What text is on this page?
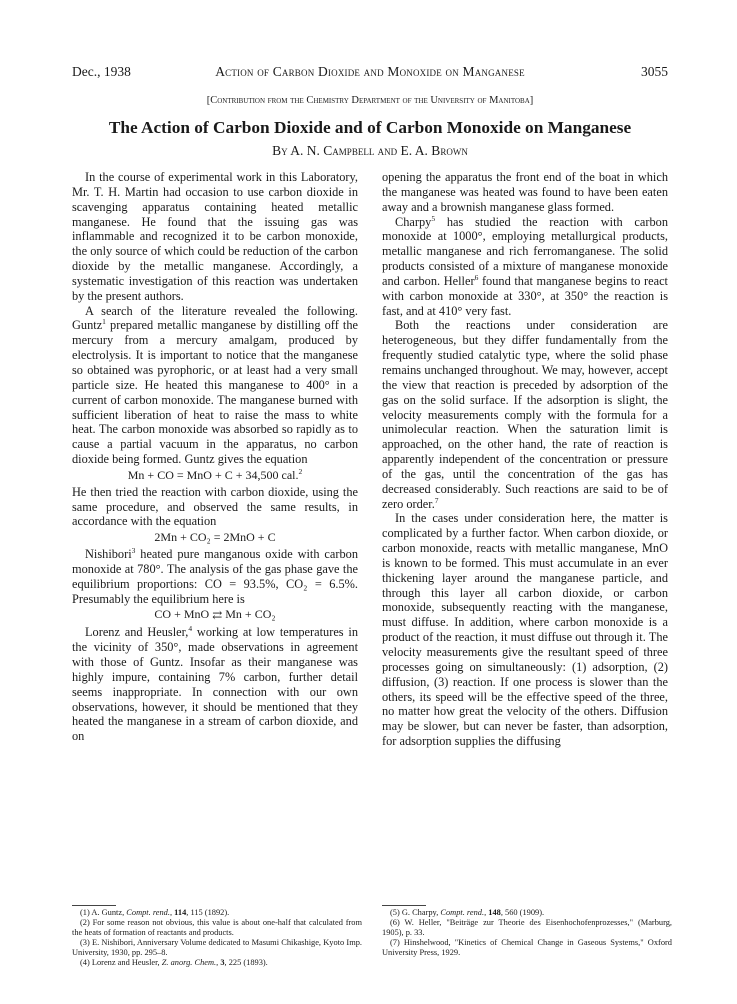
Dec., 1938	Action of Carbon Dioxide and Monoxide on Manganese	3055
[Contribution from the Chemistry Department of the University of Manitoba]
The Action of Carbon Dioxide and of Carbon Monoxide on Manganese
By A. N. Campbell and E. A. Brown

In the course of experimental work in this Laboratory, Mr. T. H. Martin had occasion to use carbon dioxide in scavenging apparatus containing heated metallic manganese. He found that the issuing gas was inflammable and recognized it to be carbon monoxide, the only source of which could be reduction of the carbon dioxide by the metallic manganese. Accordingly, a systematic investigation of this reaction was undertaken by the present authors.

A search of the literature revealed the following. Guntz$^1$ prepared metallic manganese by distilling off the mercury from a mercury amalgam, produced by electrolysis. It is important to notice that the manganese so obtained was pyrophoric, or at least had a very small particle size. He heated this manganese to 400° in a current of carbon monoxide. The manganese burned with sufficient liberation of heat to raise the mass to white heat. The carbon monoxide was absorbed so rapidly as to cause a partial vacuum in the apparatus, no carbon dioxide being formed. Guntz gives the equation

Mn + CO = MnO + C + 34,500 cal.$^2$

He then tried the reaction with carbon dioxide, using the same procedure, and observed the same results, in accordance with the equation

2Mn + CO₂ = 2MnO + C

Nishibori$^3$ heated pure manganous oxide with carbon monoxide at 780°. The analysis of the gas phase gave the equilibrium proportions: CO = 93.5%, CO₂ = 6.5%. Presumably the equilibrium here is

CO + MnO ⇄ Mn + CO₂

Lorenz and Heusler,$^4$ working at low temperatures in the vicinity of 350°, made observations in agreement with those of Guntz. Insofar as their manganese was highly impure, containing 7% carbon, further detail seems inappropriate. In connection with our own observations, however, it should be mentioned that they heated the manganese in a stream of carbon dioxide, and on

opening the apparatus the front end of the boat in which the manganese was heated was found to have been eaten away and a brownish manganese glass formed.

Charpy$^5$ has studied the reaction with carbon monoxide at 1000°, employing metallurgical products, metallic manganese and rich ferromanganese. The solid products consisted of a mixture of manganese monoxide and carbon. Heller$^6$ found that manganese begins to react with carbon monoxide at 330°, at 350° the reaction is fast, and at 410° very fast.

Both the reactions under consideration are heterogeneous, but they differ fundamentally from the frequently studied catalytic type, where the solid phase remains unchanged throughout. We may, however, accept the view that reaction is preceded by adsorption of the gas on the solid surface. If the adsorption is slight, the velocity measurements comply with the formula for a unimolecular reaction. When the saturation limit is approached, on the other hand, the rate of reaction is apparently independent of the concentration or pressure of the gas, until the concentration of the gas has decreased considerably. Such reactions are said to be of zero order.$^7$

In the cases under consideration here, the matter is complicated by a further factor. When carbon dioxide, or carbon monoxide, reacts with metallic manganese, MnO is known to be formed. This must accumulate in an ever thickening layer around the manganese particle, and through this layer all carbon dioxide, or carbon monoxide, subsequently reacting with the manganese, must diffuse. In addition, where carbon monoxide is a product of the reaction, it must diffuse out through it. The velocity measurements give the resultant speed of three processes going on simultaneously: (1) adsorption, (2) diffusion, (3) reaction. If one process is slower than the others, its speed will be the effective speed of the three, no matter how great the velocity of the others. Diffusion may be slower, but can never be faster, than adsorption, for adsorption supplies the diffusing

(1) A. Guntz, Compt. rend., 114, 115 (1892).

(2) For some reason not obvious, this value is about one-half that calculated from the heats of formation of reactants and products.

(3) E. Nishibori, Anniversary Volume dedicated to Masumi Chikashige, Kyoto Imp. University, 1930, pp. 295–8.

(4) Lorenz and Heusler, Z. anorg. Chem., 3, 225 (1893).

(5) G. Charpy, Compt. rend., 148, 560 (1909).

(6) W. Heller, "Beiträge zur Theorie des Eisenhochofenprozesses," (Marburg, 1905), p. 33.

(7) Hinshelwood, "Kinetics of Chemical Change in Gaseous Systems," Oxford University Press, 1929.
